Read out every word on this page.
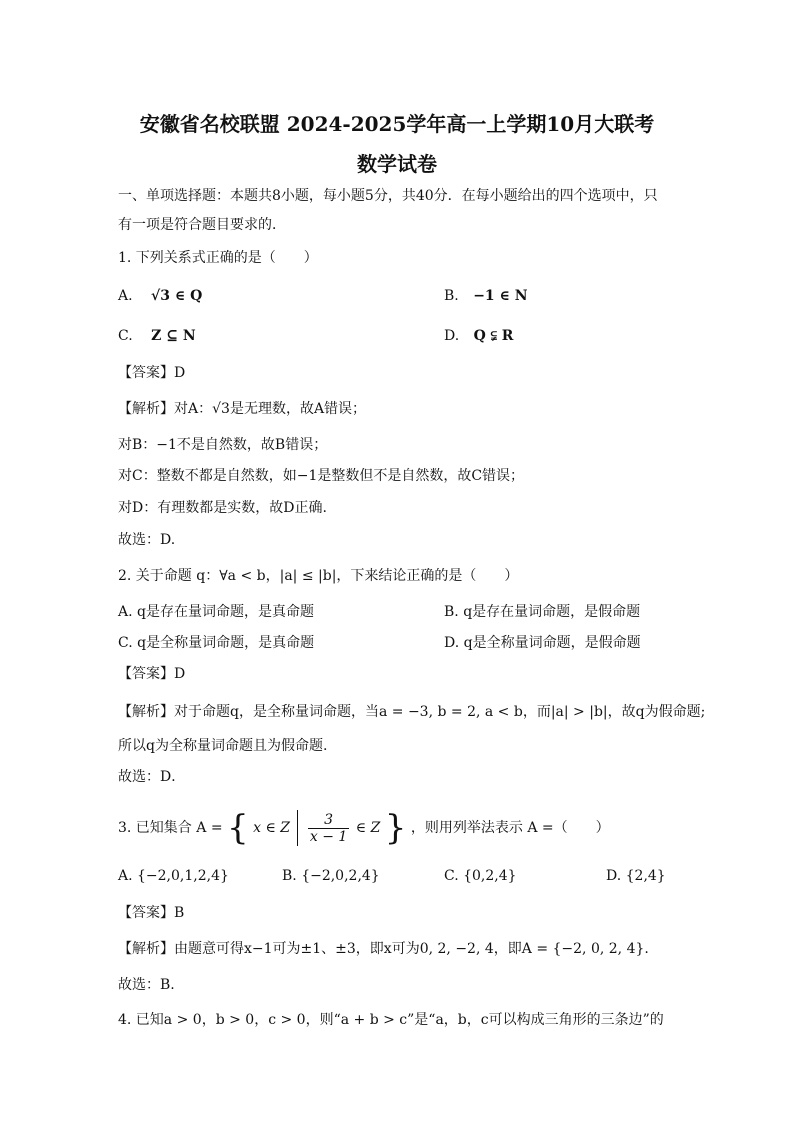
安徽省名校联盟 2024-2025学年高一上学期10月大联考
数学试卷
一、单项选择题：本题共8小题，每小题5分，共40分．在每小题给出的四个选项中，只
有一项是符合题目要求的．
1. 下列关系式正确的是（　　）
A. √3 ∈ Q	B. −1 ∈ N
C. Z ⊆ N	D. Q ⫋ R
【答案】D
【解析】对A：√3是无理数，故A错误；
对B：−1不是自然数，故B错误；
对C：整数不都是自然数，如−1是整数但不是自然数，故C错误；
对D：有理数都是实数，故D正确.
故选：D.
2. 关于命题 q：∀a < b，|a| ≤ |b|，下来结论正确的是（　　）
A. q是存在量词命题，是真命题	B. q是存在量词命题，是假命题
C. q是全称量词命题，是真命题	D. q是全称量词命题，是假命题
【答案】D
【解析】对于命题q，是全称量词命题，当a = −3, b = 2, a < b，而|a| > |b|，故q为假命题;
所以q为全称量词命题且为假命题.
故选：D．
3. 已知集合 A = { x ∈ Z $\frac{3}{x - 1}$ ∈ Z } ，则用列举法表示 A =（　　）
A. {−2,0,1,2,4}	B. {−2,0,2,4}	C. {0,2,4}	D. {2,4}
【答案】B
【解析】由题意可得x−1可为±1、±3，即x可为0, 2, −2, 4，即A = {−2, 0, 2, 4}.
故选：B.
4. 已知a > 0，b > 0，c > 0，则“a + b > c”是“a，b，c可以构成三角形的三条边”的
